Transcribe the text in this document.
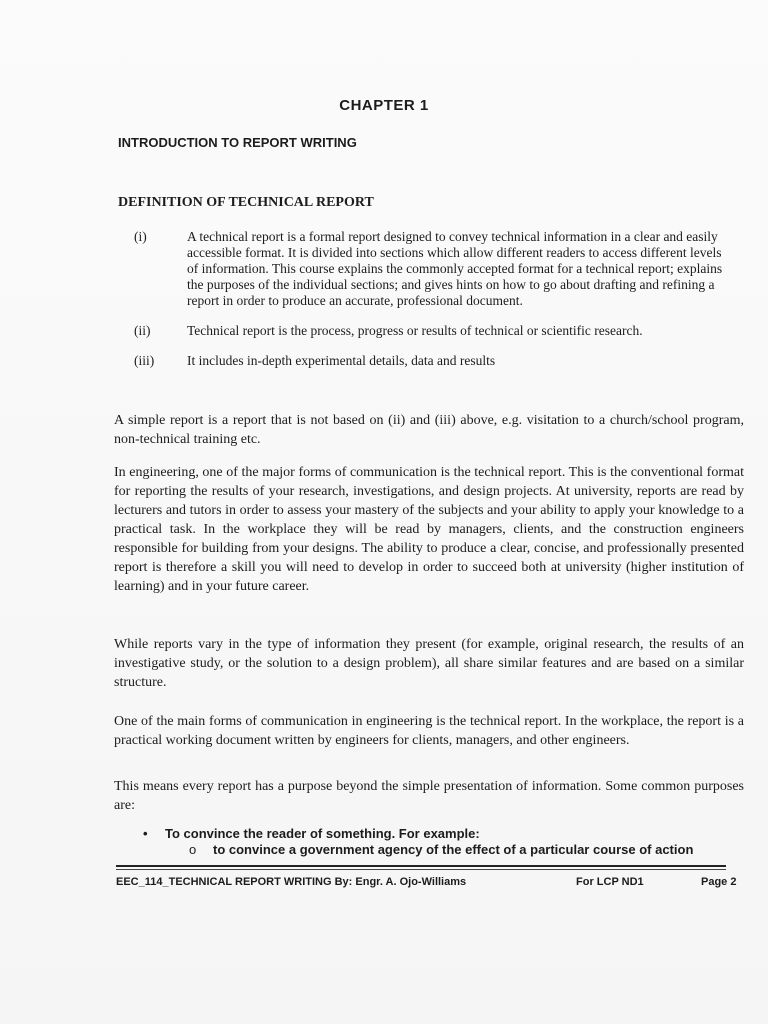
CHAPTER 1
INTRODUCTION TO REPORT WRITING
DEFINITION OF TECHNICAL REPORT
(i)	A technical report is a formal report designed to convey technical information in a clear and easily accessible format. It is divided into sections which allow different readers to access different levels of information. This course explains the commonly accepted format for a technical report; explains the purposes of the individual sections; and gives hints on how to go about drafting and refining a report in order to produce an accurate, professional document.
(ii)	Technical report is the process, progress or results of technical or scientific research.
(iii)	It includes in-depth experimental details, data and results
A simple report is a report that is not based on (ii) and (iii) above, e.g. visitation to a church/school program, non-technical training etc.
In engineering, one of the major forms of communication is the technical report. This is the conventional format for reporting the results of your research, investigations, and design projects. At university, reports are read by lecturers and tutors in order to assess your mastery of the subjects and your ability to apply your knowledge to a practical task. In the workplace they will be read by managers, clients, and the construction engineers responsible for building from your designs. The ability to produce a clear, concise, and professionally presented report is therefore a skill you will need to develop in order to succeed both at university (higher institution of learning) and in your future career.
While reports vary in the type of information they present (for example, original research, the results of an investigative study, or the solution to a design problem), all share similar features and are based on a similar structure.
One of the main forms of communication in engineering is the technical report. In the workplace, the report is a practical working document written by engineers for clients, managers, and other engineers.
This means every report has a purpose beyond the simple presentation of information. Some common purposes are:
•	To convince the reader of something. For example:
o	to convince a government agency of the effect of a particular course of action
EEC_114_TECHNICAL REPORT WRITING By: Engr. A. Ojo-Williams	For LCP ND1	Page 2
